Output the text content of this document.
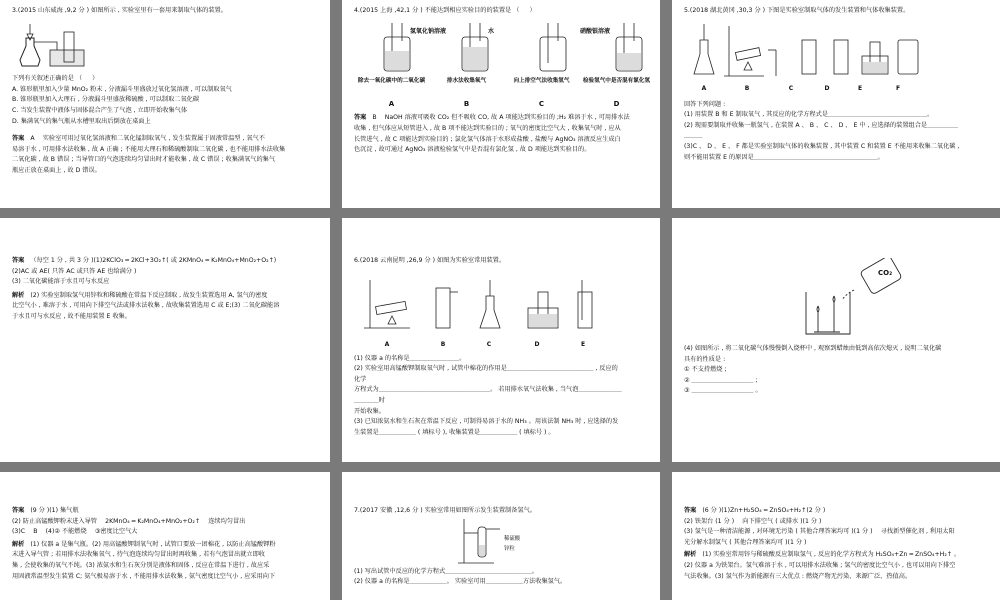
3.(2015 山东威海 ,9,2 分 ) 如图所示 , 实验室里有一套用来制取气体的装置。
下列有关叙述正确的是 （ 　 ）
A. 锥形瓶里加入少量 MnO₂ 粉末 , 分液漏斗里盛放过氧化氢溶液 , 可以制取氧气
B. 锥形瓶里加入大理石 , 分液漏斗里盛放稀硫酸 , 可以制取二氧化碳
C. 当发生装置中液体与固体混合产生了气泡 , 立即开始收集气体
D. 集满氧气的集气瓶从水槽里取出后倒放在桌面上
答案 A 　实验室可用过氧化氢溶液和二氧化锰制取氧气 , 发生装置属于固液常温型 , 氧气不
易溶于水 , 可用排水法收集 , 故 A 正确 ; 不能用大理石和稀硫酸制取二氧化碳 , 也不能用排水法收集
二氧化碳 , 故 B 错误 ; 当导管口的气泡连续均匀冒出时才能收集 , 故 C 错误 ; 收集满氧气的集气
瓶应正放在桌面上 , 故 D 错误。
4.(2015 上海 ,42,1 分 ) 不能达到相应实验目的的装置是 （ 　 ）
氢氧化钠溶液	水	硝酸银溶液
除去一氧化碳中的二氧化碳	排水法收集氧气	向上排空气法收集氢气	检验氢气中是否混有氯化氢
A	B	C	D
答案 B 　NaOH 溶液可吸收 CO₂ 但不吸收 CO, 故 A 项能达到实验目的 ;H₂ 难溶于水 , 可用排水法
收集 , 但气体应从短管进入 , 故 B 项不能达到实验目的 ; 氧气的密度比空气大 , 收集氧气时 , 应从
长管进气 , 故 C 项能达到实验目的 ; 氯化氢气体溶于水形成盐酸 , 盐酸与 AgNO₃ 溶液反应生成白
色沉淀 , 故可通过 AgNO₃ 溶液检验氢气中是否混有氯化氢 , 故 D 项能达到实验目的。
5.(2018 湖北黄冈 ,30,3 分 ) 下图是实验室制取气体的发生装置和气体收集装置。
A	B	C	D	E	F
回答下列问题 :
(1) 用装置 B 和 E 制取氧气 , 其反应的化学方程式是＿＿＿＿＿＿＿＿＿＿＿＿＿＿＿＿。
(2) 现需要制取并收集一瓶氢气 , 在装置 A 、 B 、 C 、 D 、 E 中 , 应选择的装置组合是＿＿＿＿＿
＿＿＿
(3)C 、 D 、 E 、 F 都是实验室制取气体的收集装置 , 其中装置 C 和装置 E 不能用来收集二氧化碳 ,
则不能用装置 E 的原因是＿＿＿＿＿＿＿＿＿＿＿＿＿＿＿＿＿＿＿＿。
答案 （每空 1 分 , 共 3 分 )(1)2KClO₃ ═ 2KCl+3O₂↑( 或 2KMnO₄ ═ K₂MnO₄+MnO₂+O₂↑)
(2)AC 或 AE( 只答 AC 或只答 AE 也给满分 )
(3) 二氧化碳能溶于水且可与水反应
解析 (2) 实验室制取氢气用锌粒和稀硫酸在常温下反应制取 , 故发生装置选用 A, 氢气的密度
比空气小 , 难溶于水 , 可用向下排空气法或排水法收集 , 故收集装置选用 C 或 E;(3) 二氧化碳能溶
于水且可与水反应 , 故不能用装置 E 收集。
6.(2018 云南昆明 ,26,9 分 ) 如图为实验室常用装置。
A	B	C	D	E
(1) 仪器 a 的名称是＿＿＿＿＿＿＿＿。
(2) 实验室用高锰酸钾制取氧气时 , 试管中棉花的作用是＿＿＿＿＿＿＿＿＿＿＿＿＿＿ , 反应的
化学
方程式为＿＿＿＿＿＿＿＿＿＿＿＿＿＿＿＿＿＿。 若用排水氧气法收集 , 当气泡＿＿＿＿＿＿＿
＿＿＿＿时
开始收集。
(3) 已知浓氨水和生石灰在常温下反应 , 可制得易溶于水的 NH₃ 。用该法制 NH₃ 时 , 应选择的发
生装置是＿＿＿＿＿＿ ( 填标号 ), 收集装置是＿＿＿＿＿＿ ( 填标号 ) 。
CO₂
(4) 如图所示 , 将二氧化碳气体慢慢倒入烧杯中 , 观察到蜡烛由低到高依次熄灭 , 说明二氧化碳
具有的性质是 :
① 不支持燃烧 ;
② ＿＿＿＿＿＿＿＿＿＿ ;
③ ＿＿＿＿＿＿＿＿＿＿ 。
答案 (9 分 )(1) 集气瓶
(2) 防止高锰酸钾粉末进入导管 　2KMnO₄ ═ K₂MnO₄+MnO₂+O₂↑ 　连续均匀冒出
(3)C 　B 　(4)② 不能燃烧 　③密度比空气大
解析 (1) 仪器 a 是集气瓶。(2) 用高锰酸钾制氧气时 , 试管口要放一团棉花 , 以防止高锰酸钾粉
末进入导气管 ; 若用排水法收集氧气 , 待气泡连续均匀冒出时再收集 , 若有气泡冒出就立即收
集 , 会使收集的氧气不纯。(3) 浓氨水和生石灰分别是液体和固体 , 反应在常温下进行 , 故应采
用固液常温型发生装置 C; 氨气极易溶于水 , 不能用排水法收集 , 氨气密度比空气小 , 应采用向下
7.(2017 安徽 ,12,6 分 ) 实验室常用如图所示发生装置制备氢气。
稀硫酸
锌粒
(1) 写出试管中反应的化学方程式＿＿＿＿＿＿＿＿＿＿＿＿＿＿。
(2) 仪器 a 的名称是＿＿＿＿＿＿。 实验室可用＿＿＿＿＿＿方法收集氢气。
答案 (6 分 )(1)Zn+H₂SO₄ ═ ZnSO₄+H₂↑(2 分 )
(2) 铁架台 (1 分 ) 　向下排空气 ( 或排水 )(1 分 )
(3) 氢气是一种清洁能源 , 对环境无污染 ( 其他合理答案均可 )(1 分 ) 　寻找新型催化剂 , 利用太阳
光分解水制氢气 ( 其他合理答案均可 )(1 分 )
解析 (1) 实验室常用锌与稀硫酸反应制取氢气 , 反应的化学方程式为 H₂SO₄+Zn ═ ZnSO₄+H₂↑ 。
(2) 仪器 a 为铁架台。氢气难溶于水 , 可以用排水法收集 ; 氢气的密度比空气小 , 也可以用向下排空
气法收集。(3) 氢气作为新能源有三大优点 : 燃烧产物无污染、来源广泛、热值高。
